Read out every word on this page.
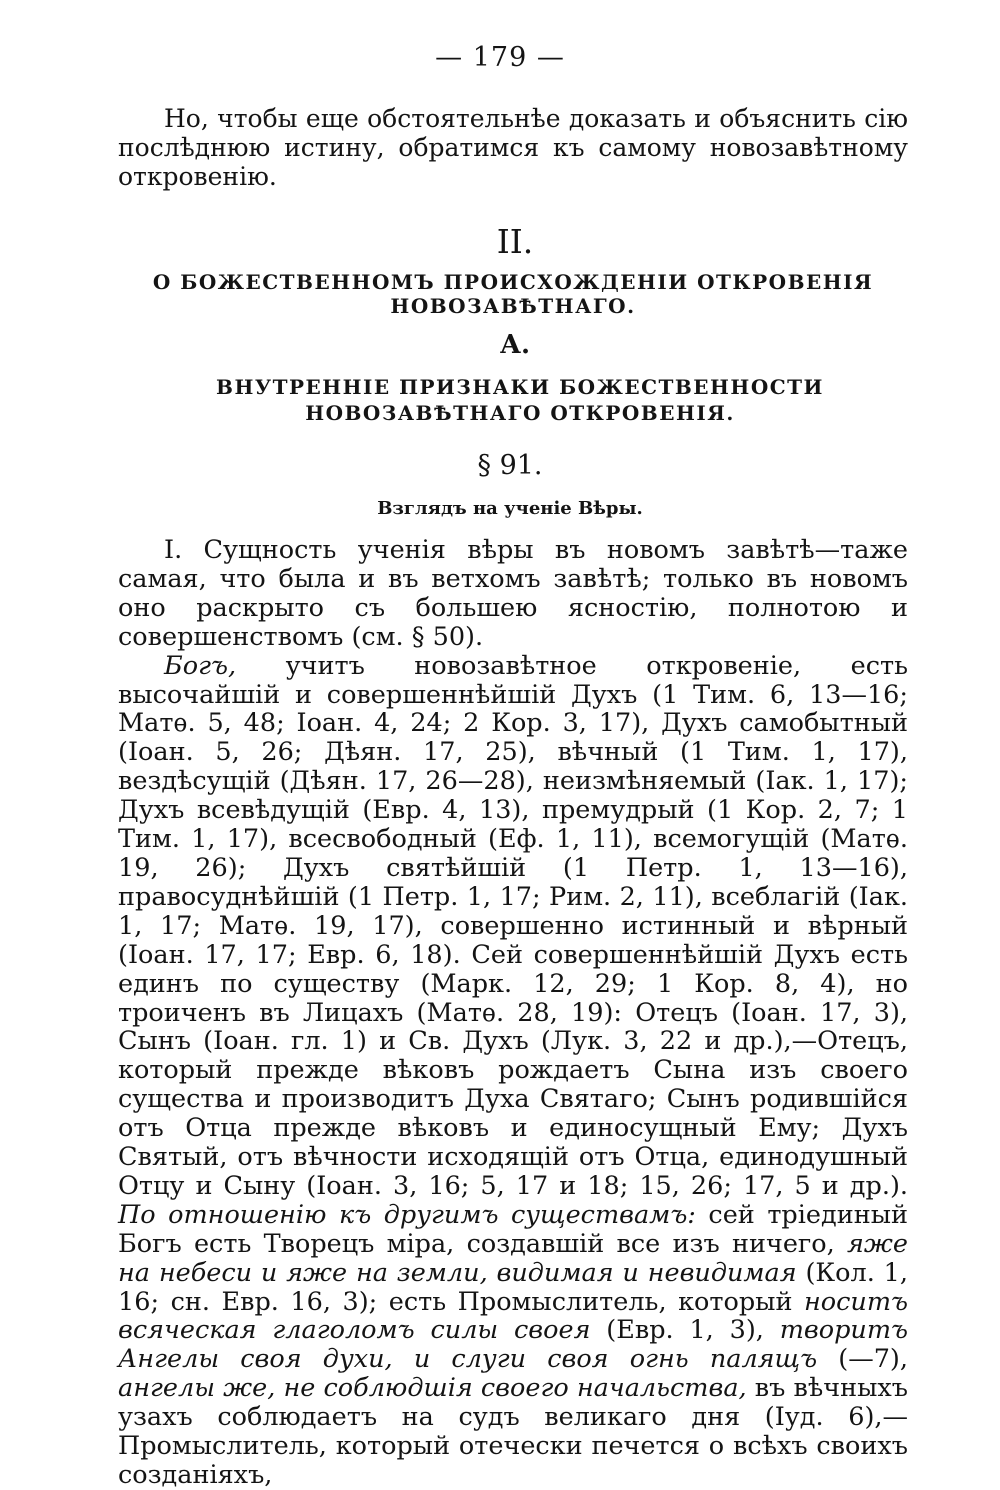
— 179 —
Но, чтобы еще обстоятельнѣе доказать и объяснить сію послѣднюю истину, обратимся къ самому новозавѣтному откровенію.
II.
О БОЖЕСТВЕННОМЪ ПРОИСХОЖДЕНІИ ОТКРОВЕНІЯ НОВОЗАВѢТНАГО.
А.
ВНУТРЕННІЕ ПРИЗНАКИ БОЖЕСТВЕННОСТИ НОВОЗАВѢТНАГО ОТКРОВЕНІЯ.
§ 91.
Взглядъ на ученіе Вѣры.

I. Сущность ученія вѣры въ новомъ завѣтѣ—таже самая, что была и въ ветхомъ завѣтѣ; только въ новомъ оно раскрыто съ большею ясностію, полнотою и совершенствомъ (см. § 50).

Богъ, учитъ новозавѣтное откровеніе, есть высочайшій и совершеннѣйшій Духъ (1 Тим. 6, 13—16; Матѳ. 5, 48; Іоан. 4, 24; 2 Кор. 3, 17), Духъ самобытный (Іоан. 5, 26; Дѣян. 17, 25), вѣчный (1 Тим. 1, 17), вездѣсущій (Дѣян. 17, 26—28), неизмѣняемый (Іак. 1, 17); Духъ всевѣдущій (Евр. 4, 13), премудрый (1 Кор. 2, 7; 1 Тим. 1, 17), всесвободный (Еф. 1, 11), всемогущій (Матѳ. 19, 26); Духъ святѣйшій (1 Петр. 1, 13—16), правосуднѣйшій (1 Петр. 1, 17; Рим. 2, 11), всеблагій (Іак. 1, 17; Матѳ. 19, 17), совершенно истинный и вѣрный (Іоан. 17, 17; Евр. 6, 18). Сей совершеннѣйшій Духъ есть единъ по существу (Марк. 12, 29; 1 Кор. 8, 4), но троиченъ въ Лицахъ (Матѳ. 28, 19): Отецъ (Іоан. 17, 3), Сынъ (Іоан. гл. 1) и Св. Духъ (Лук. 3, 22 и др.),—Отецъ, который прежде вѣковъ рождаетъ Сына изъ своего существа и производитъ Духа Святаго; Сынъ родившійся отъ Отца прежде вѣковъ и единосущный Ему; Духъ Святый, отъ вѣчности исходящій отъ Отца, единодушный Отцу и Сыну (Іоан. 3, 16; 5, 17 и 18; 15, 26; 17, 5 и др.). По отношенію къ другимъ существамъ: сей тріединый Богъ есть Творецъ міра, создавшій все изъ ничего, яже на небеси и яже на земли, видимая и невидимая (Кол. 1, 16; сн. Евр. 16, 3); есть Промыслитель, который носитъ всяческая глаголомъ силы своея (Евр. 1, 3), творитъ Ангелы своя духи, и слуги своя огнь палящъ (—7), ангелы же, не соблюдшія своего начальства, въ вѣчныхъ узахъ соблюдаетъ на судъ великаго дня (Іуд. 6),—Промыслитель, который отечески печется о всѣхъ своихъ созданіяхъ,
